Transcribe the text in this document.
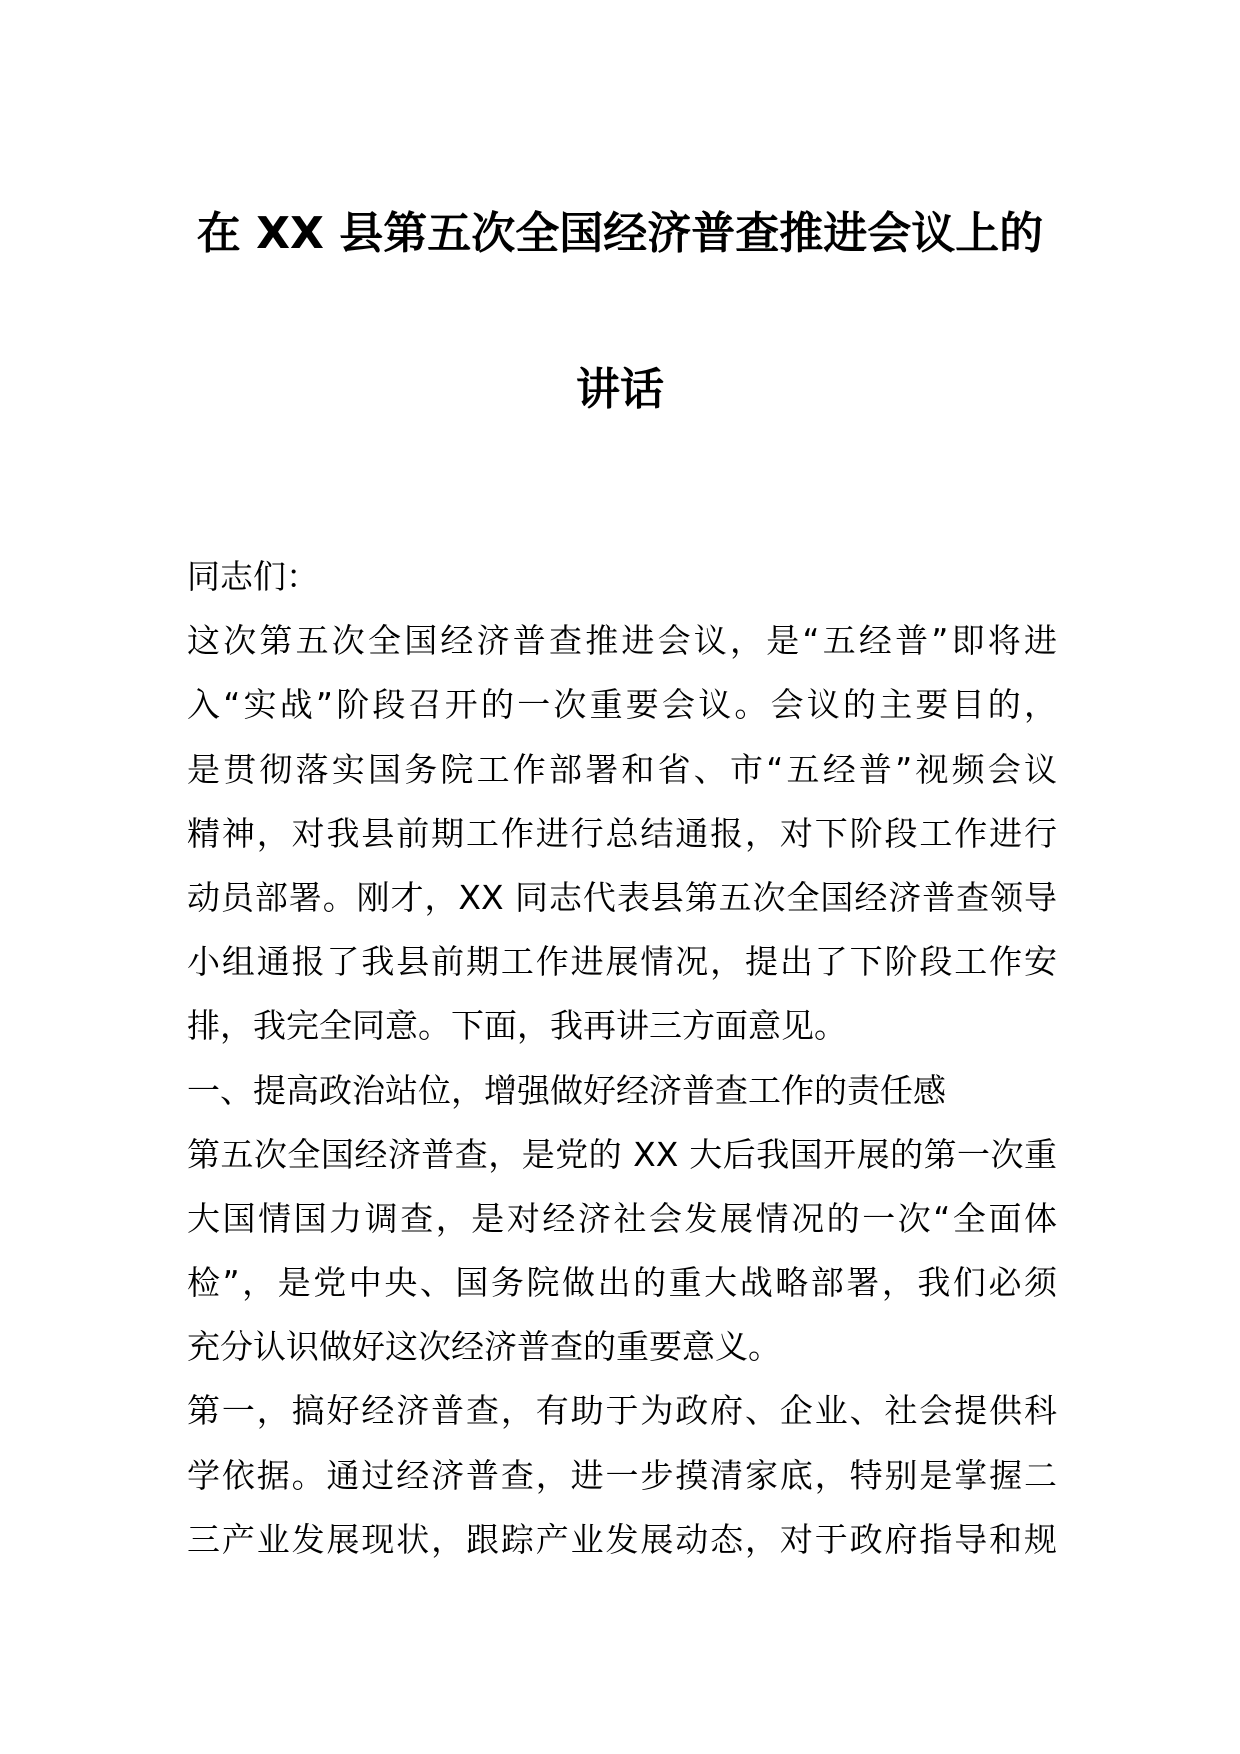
在 XX 县第五次全国经济普查推进会议上的
讲话
同志们：
这次第五次全国经济普查推进会议，是“五经普”即将进
入“实战”阶段召开的一次重要会议。会议的主要目的，
是贯彻落实国务院工作部署和省、市“五经普”视频会议
精神，对我县前期工作进行总结通报，对下阶段工作进行
动员部署。刚才，XX 同志代表县第五次全国经济普查领导
小组通报了我县前期工作进展情况，提出了下阶段工作安
排，我完全同意。下面，我再讲三方面意见。
一、提高政治站位，增强做好经济普查工作的责任感
第五次全国经济普查，是党的 XX 大后我国开展的第一次重
大国情国力调查，是对经济社会发展情况的一次“全面体
检”，是党中央、国务院做出的重大战略部署，我们必须
充分认识做好这次经济普查的重要意义。
第一，搞好经济普查，有助于为政府、企业、社会提供科
学依据。通过经济普查，进一步摸清家底，特别是掌握二
三产业发展现状，跟踪产业发展动态，对于政府指导和规
